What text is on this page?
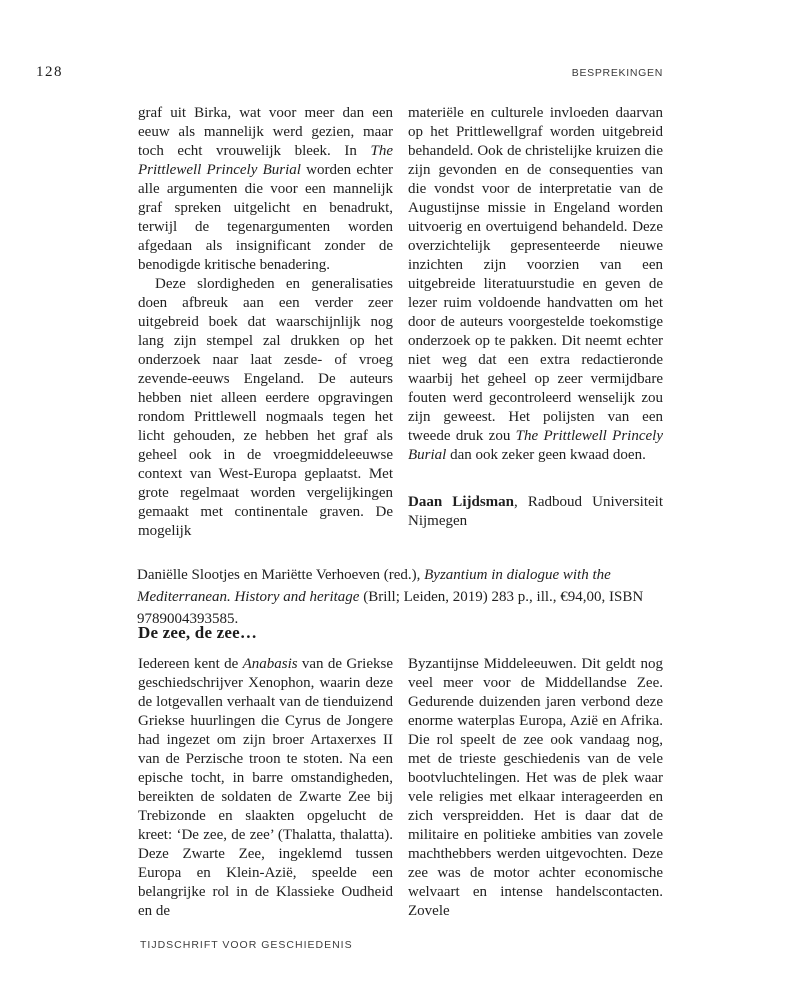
128	BESPREKINGEN

graf uit Birka, wat voor meer dan een eeuw als mannelijk werd gezien, maar toch echt vrouwelijk bleek. In The Prittlewell Princely Burial worden echter alle argumenten die voor een mannelijk graf spreken uitgelicht en benadrukt, terwijl de tegenargumenten worden afgedaan als insignificant zonder de benodigde kritische benadering.

Deze slordigheden en generalisaties doen afbreuk aan een verder zeer uitgebreid boek dat waarschijnlijk nog lang zijn stempel zal drukken op het onderzoek naar laat zesde- of vroeg zevende-eeuws Engeland. De auteurs hebben niet alleen eerdere opgravingen rondom Prittlewell nogmaals tegen het licht gehouden, ze hebben het graf als geheel ook in de vroegmiddeleeuwse context van West-Europa geplaatst. Met grote regelmaat worden vergelijkingen gemaakt met continentale graven. De mogelijk

materiële en culturele invloeden daarvan op het Prittlewellgraf worden uitgebreid behandeld. Ook de christelijke kruizen die zijn gevonden en de consequenties van die vondst voor de interpretatie van de Augustijnse missie in Engeland worden uitvoerig en overtuigend behandeld. Deze overzichtelijk gepresenteerde nieuwe inzichten zijn voorzien van een uitgebreide literatuurstudie en geven de lezer ruim voldoende handvatten om het door de auteurs voorgestelde toekomstige onderzoek op te pakken. Dit neemt echter niet weg dat een extra redactieronde waarbij het geheel op zeer vermijdbare fouten werd gecontroleerd wenselijk zou zijn geweest. Het polijsten van een tweede druk zou The Prittlewell Princely Burial dan ook zeker geen kwaad doen.

Daan Lijdsman, Radboud Universiteit Nijmegen

Daniëlle Slootjes en Mariëtte Verhoeven (red.), Byzantium in dialogue with the Mediterranean. History and heritage (Brill; Leiden, 2019) 283 p., ill., €94,00, ISBN 9789004393585.

De zee, de zee…

Iedereen kent de Anabasis van de Griekse geschiedschrijver Xenophon, waarin deze de lotgevallen verhaalt van de tienduizend Griekse huurlingen die Cyrus de Jongere had ingezet om zijn broer Artaxerxes II van de Perzische troon te stoten. Na een epische tocht, in barre omstandigheden, bereikten de soldaten de Zwarte Zee bij Trebizonde en slaakten opgelucht de kreet: ‘De zee, de zee’ (Thalatta, thalatta). Deze Zwarte Zee, ingeklemd tussen Europa en Klein-Azië, speelde een belangrijke rol in de Klassieke Oudheid en de

Byzantijnse Middeleeuwen. Dit geldt nog veel meer voor de Middellandse Zee. Gedurende duizenden jaren verbond deze enorme waterplas Europa, Azië en Afrika. Die rol speelt de zee ook vandaag nog, met de trieste geschiedenis van de vele bootvluchtelingen. Het was de plek waar vele religies met elkaar interageerden en zich verspreidden. Het is daar dat de militaire en politieke ambities van zovele machthebbers werden uitgevochten. Deze zee was de motor achter economische welvaart en intense handelscontacten. Zovele

TIJDSCHRIFT VOOR GESCHIEDENIS
